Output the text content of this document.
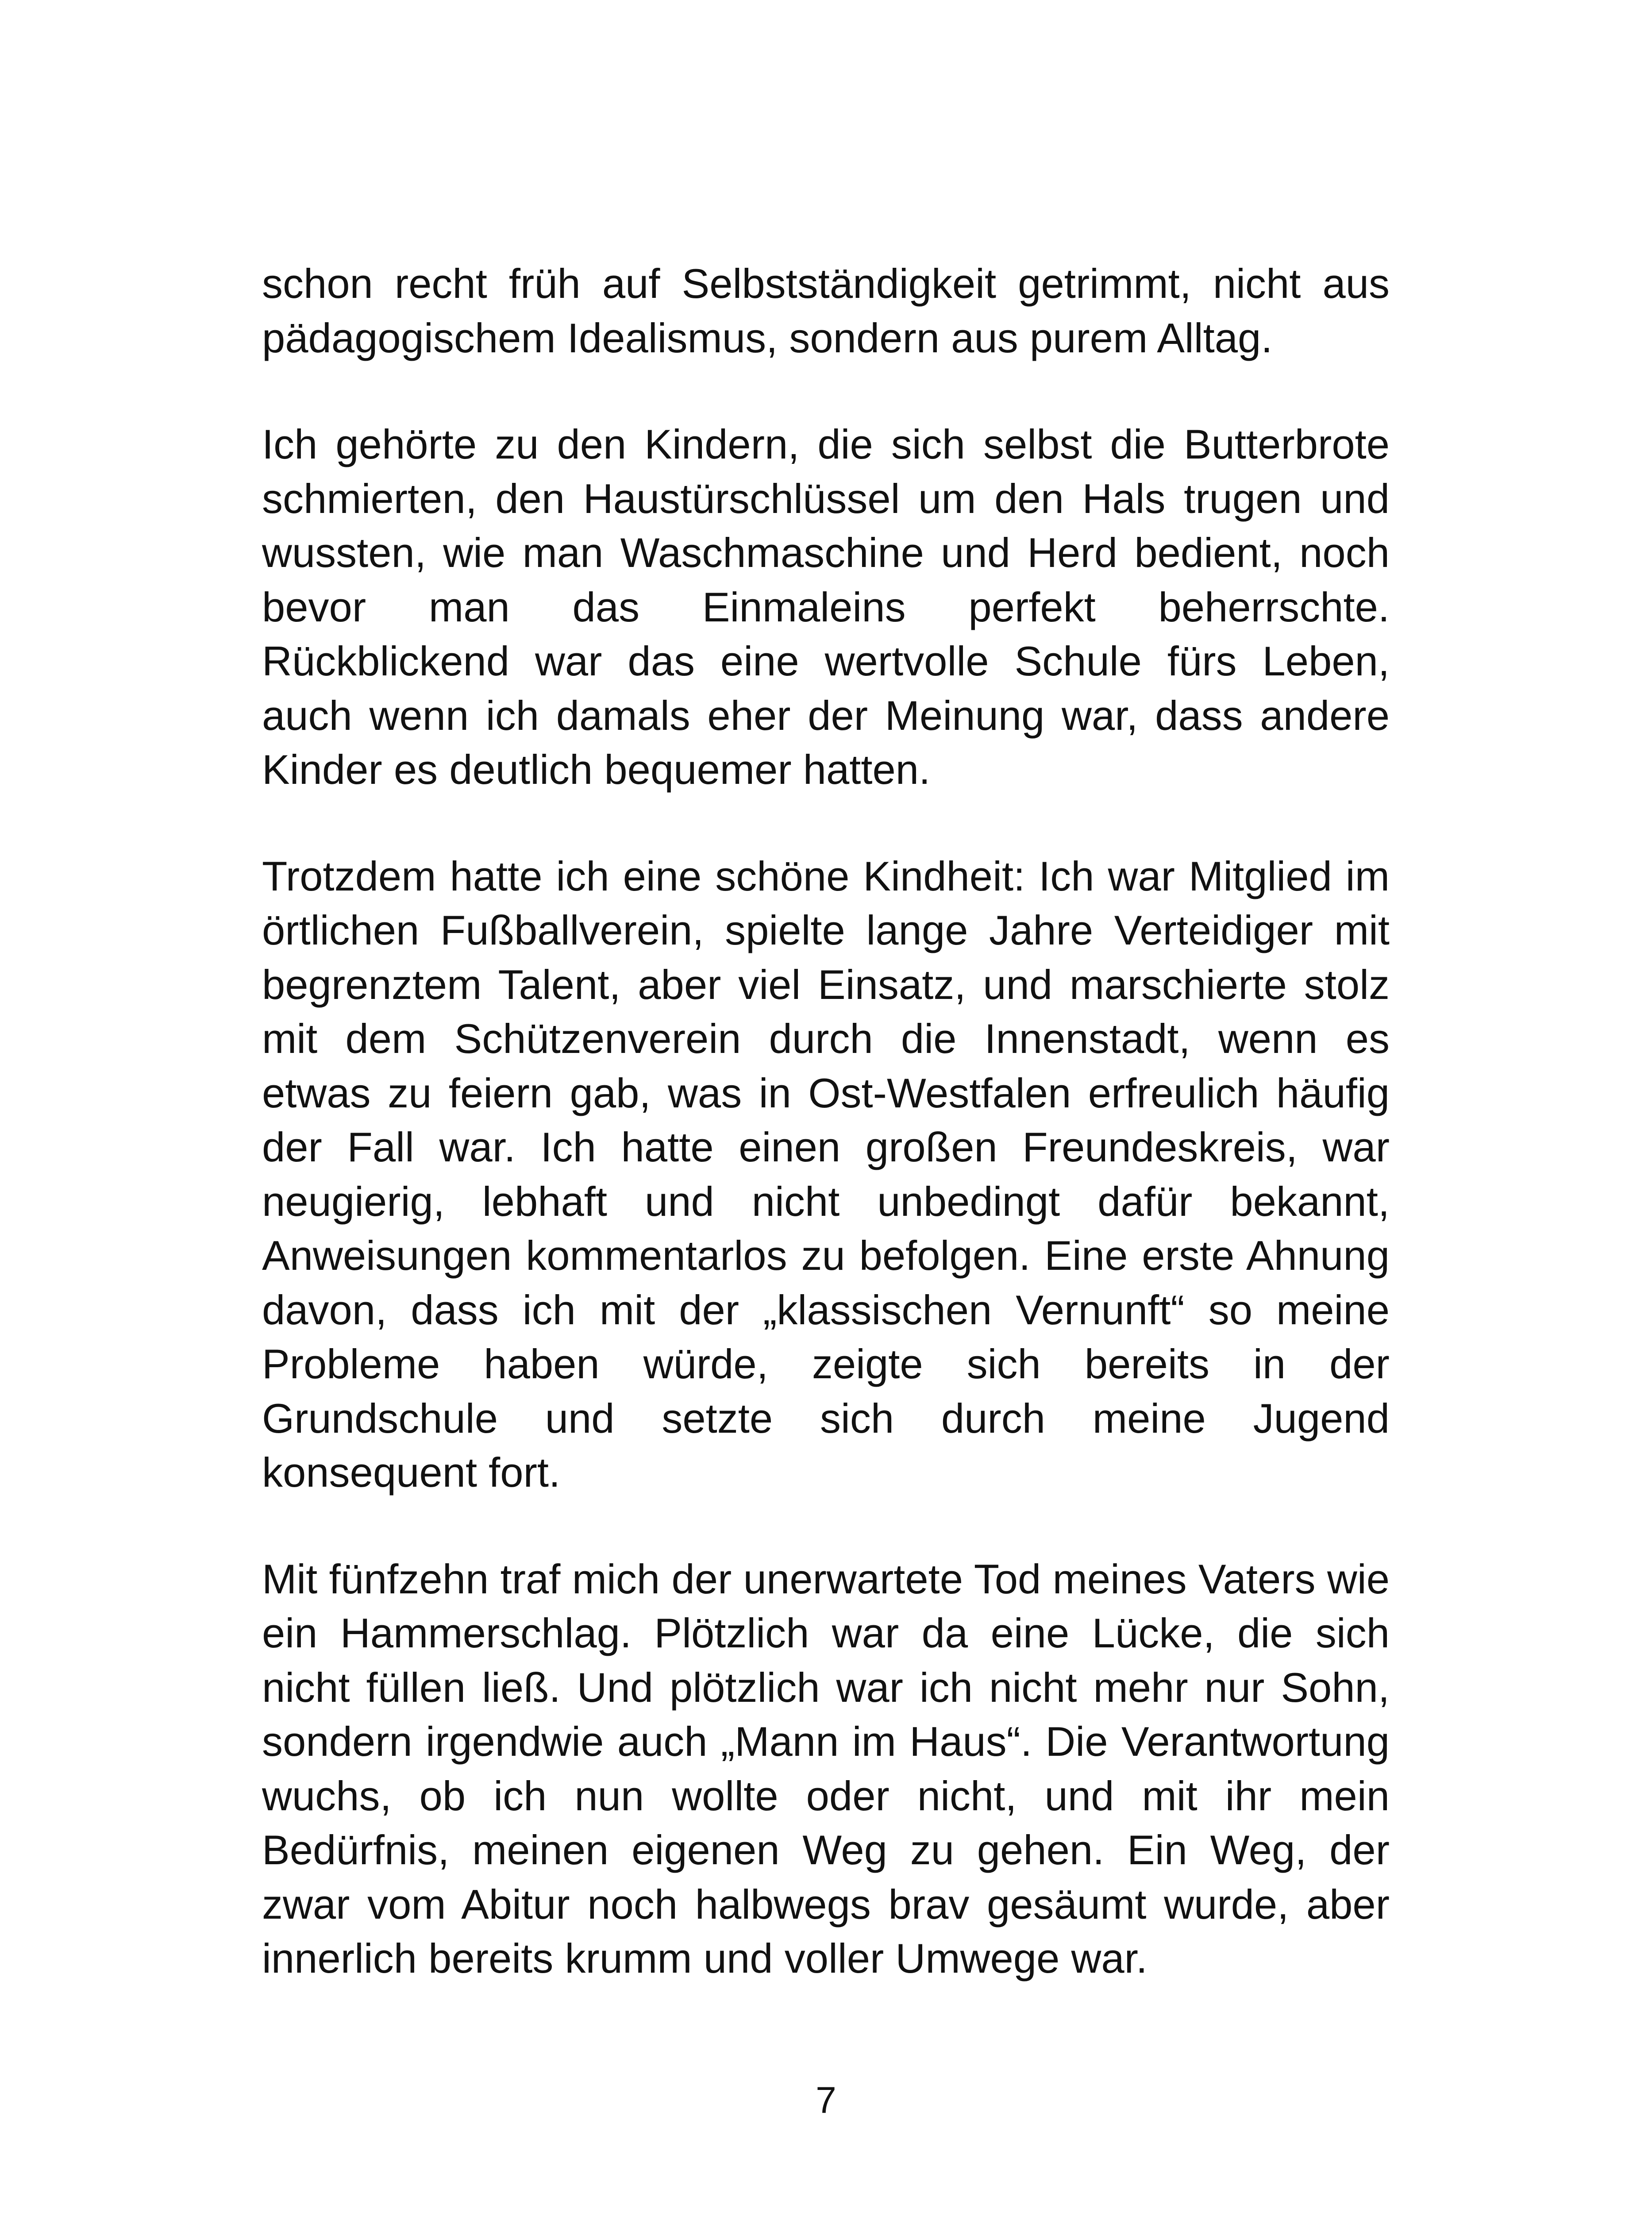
schon recht früh auf Selbstständigkeit getrimmt, nicht aus pädagogischem Idealismus, sondern aus purem Alltag.

Ich gehörte zu den Kindern, die sich selbst die Butterbrote schmierten, den Haustürschlüssel um den Hals trugen und wussten, wie man Waschmaschine und Herd bedient, noch bevor man das Einmaleins perfekt beherrschte. Rückblickend war das eine wertvolle Schule fürs Leben, auch wenn ich damals eher der Meinung war, dass andere Kinder es deutlich bequemer hatten.

Trotzdem hatte ich eine schöne Kindheit: Ich war Mitglied im örtlichen Fußballverein, spielte lange Jahre Verteidiger mit begrenztem Talent, aber viel Einsatz, und marschierte stolz mit dem Schützenverein durch die Innenstadt, wenn es etwas zu feiern gab, was in Ost-Westfalen erfreulich häufig der Fall war. Ich hatte einen großen Freundeskreis, war neugierig, lebhaft und nicht unbedingt dafür bekannt, Anweisungen kommentarlos zu befolgen. Eine erste Ahnung davon, dass ich mit der „klassischen Vernunft“ so meine Probleme haben würde, zeigte sich bereits in der Grundschule und setzte sich durch meine Jugend konsequent fort.

Mit fünfzehn traf mich der unerwartete Tod meines Vaters wie ein Hammerschlag. Plötzlich war da eine Lücke, die sich nicht füllen ließ. Und plötzlich war ich nicht mehr nur Sohn, sondern irgendwie auch „Mann im Haus“. Die Verantwortung wuchs, ob ich nun wollte oder nicht, und mit ihr mein Bedürfnis, meinen eigenen Weg zu gehen. Ein Weg, der zwar vom Abitur noch halbwegs brav gesäumt wurde, aber innerlich bereits krumm und voller Umwege war.

7
